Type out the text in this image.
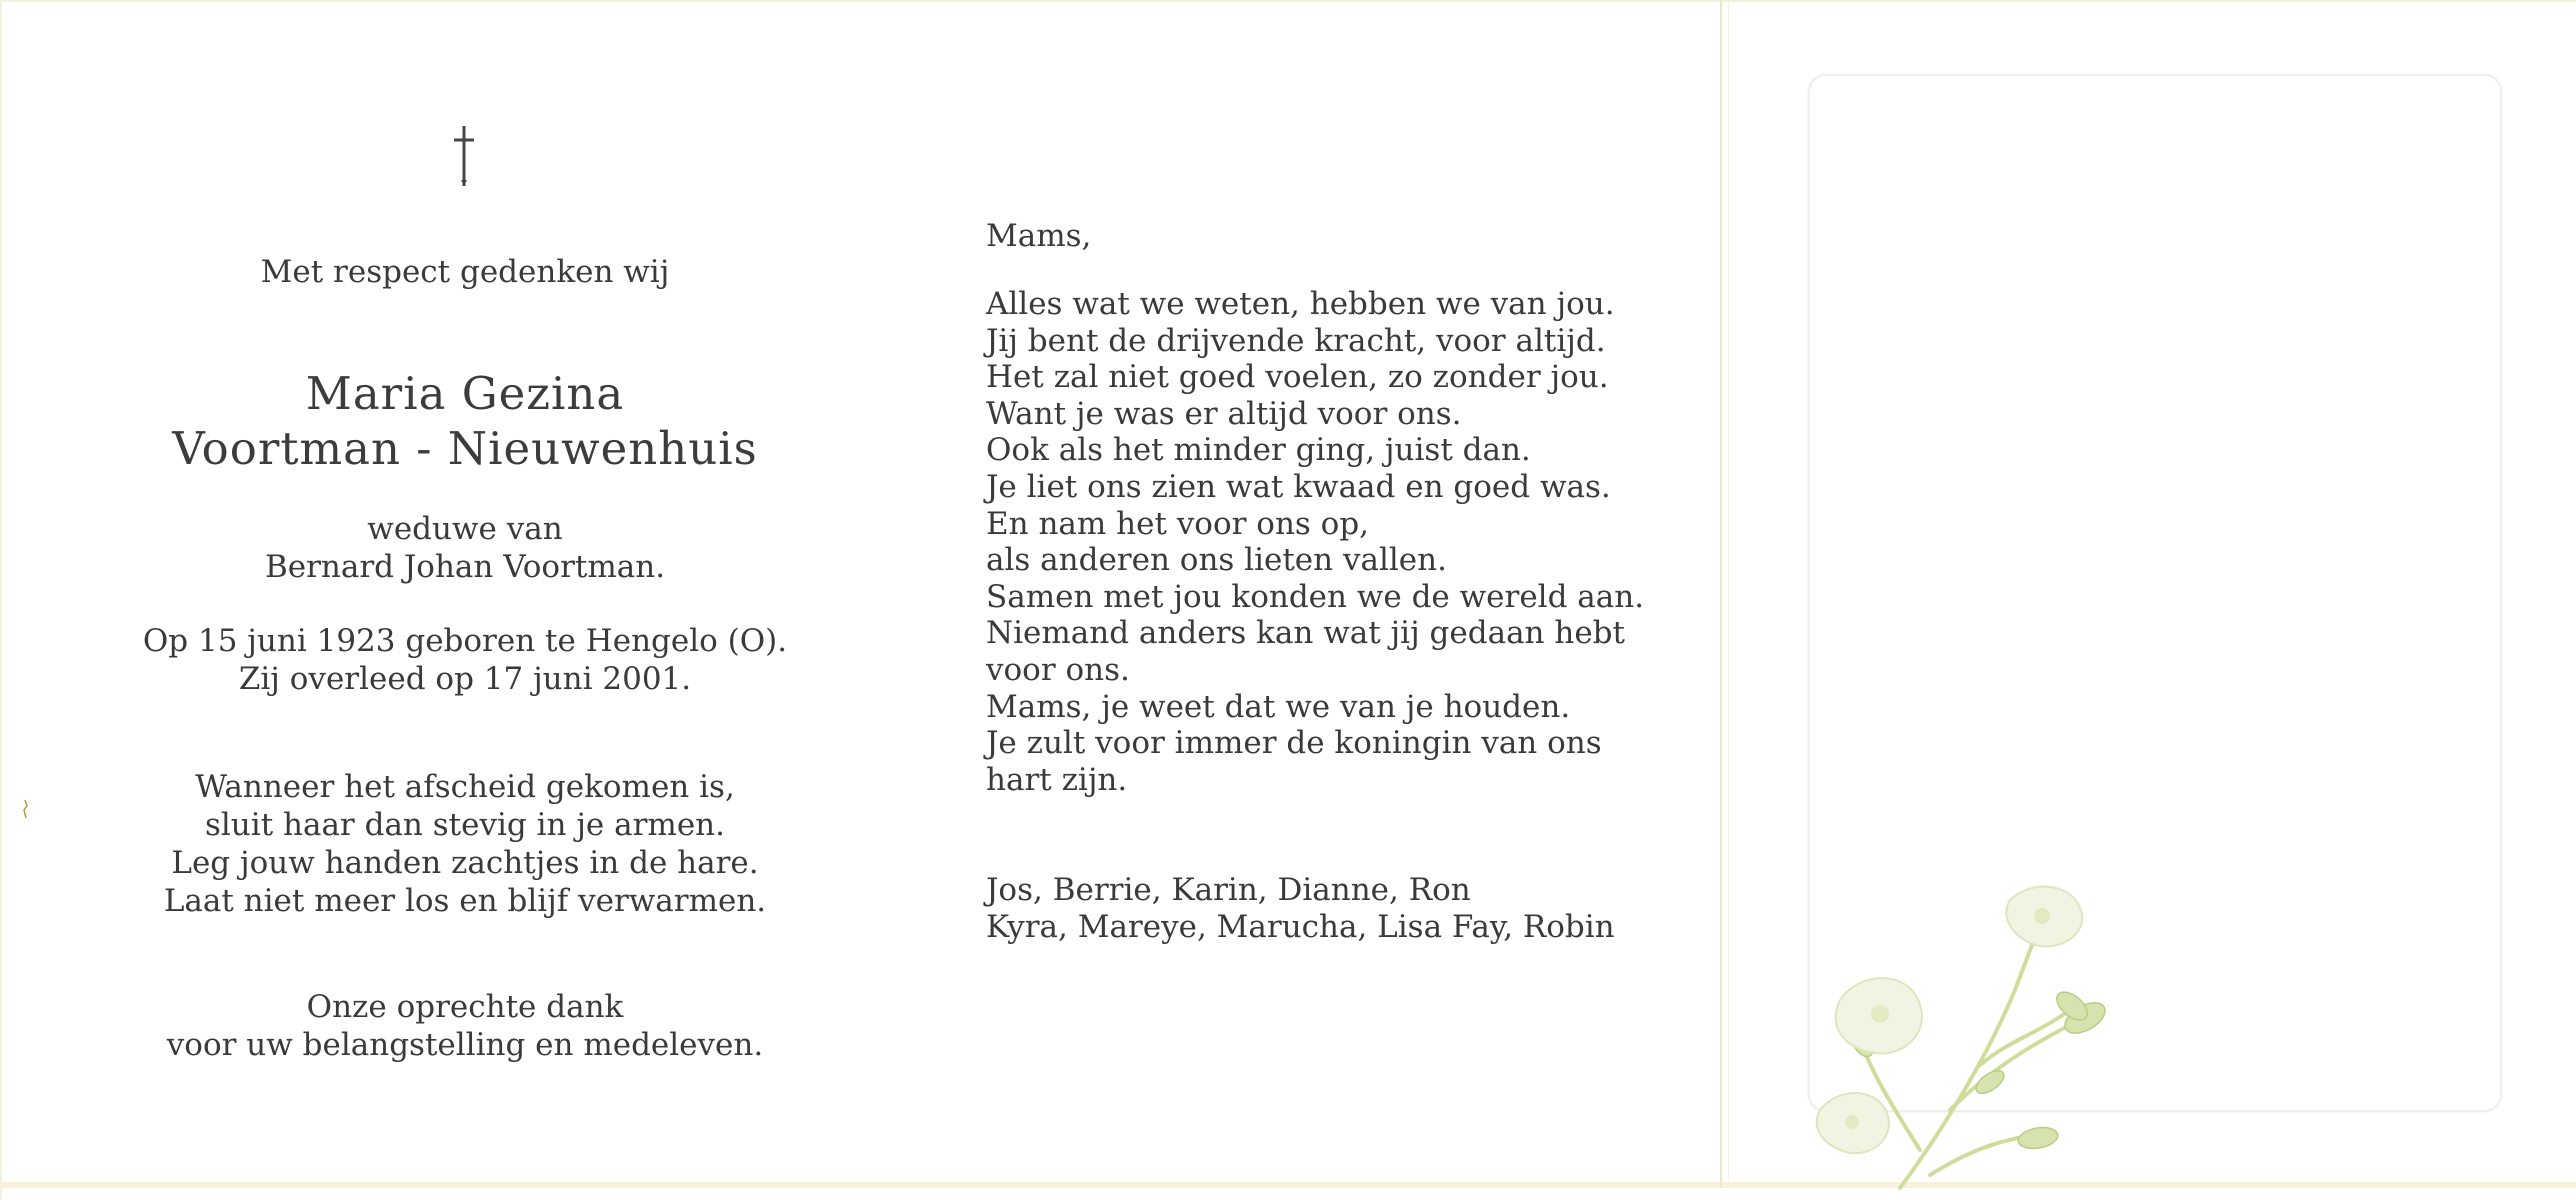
Met respect gedenken wij
Maria Gezina
Voortman - Nieuwenhuis
weduwe van
Bernard Johan Voortman.
Op 15 juni 1923 geboren te Hengelo (O).
Zij overleed op 17 juni 2001.
Wanneer het afscheid gekomen is,
sluit haar dan stevig in je armen.
Leg jouw handen zachtjes in de hare.
Laat niet meer los en blijf verwarmen.
Onze oprechte dank
voor uw belangstelling en medeleven.
Mams,
Alles wat we weten, hebben we van jou.
Jij bent de drijvende kracht, voor altijd.
Het zal niet goed voelen, zo zonder jou.
Want je was er altijd voor ons.
Ook als het minder ging, juist dan.
Je liet ons zien wat kwaad en goed was.
En nam het voor ons op,
als anderen ons lieten vallen.
Samen met jou konden we de wereld aan.
Niemand anders kan wat jij gedaan hebt
voor ons.
Mams, je weet dat we van je houden.
Je zult voor immer de koningin van ons
hart zijn.
Jos, Berrie, Karin, Dianne, Ron
Kyra, Mareye, Marucha, Lisa Fay, Robin
